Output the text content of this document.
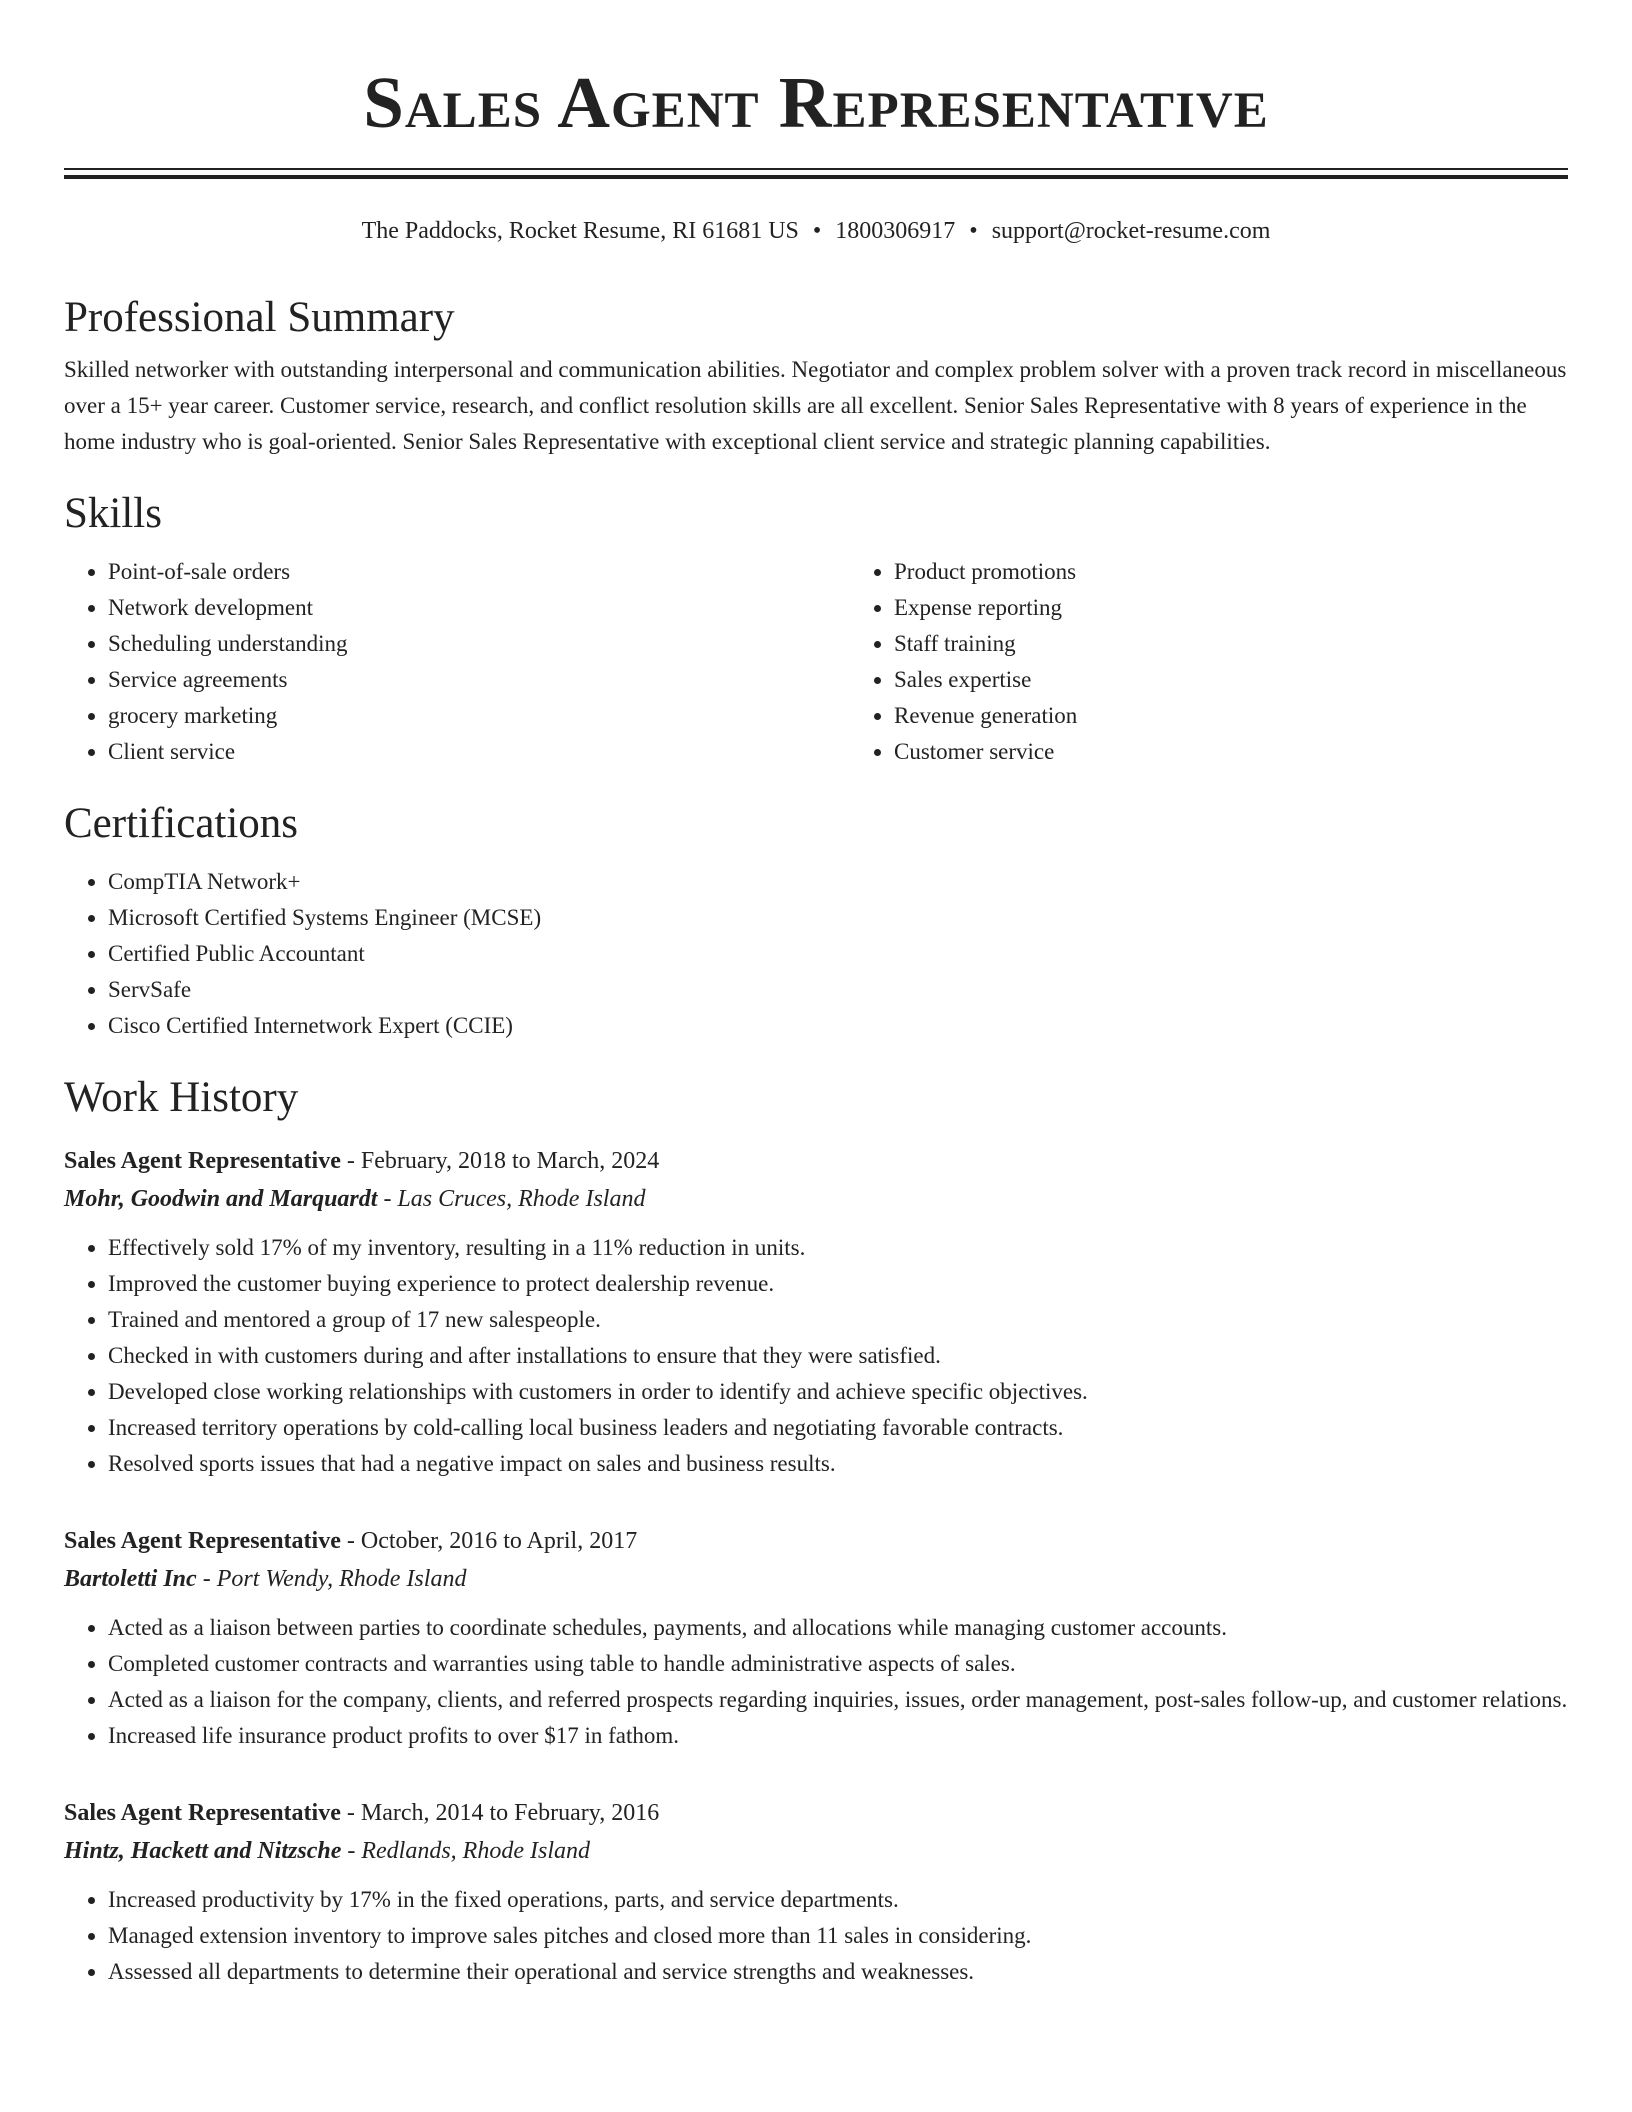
Sales Agent Representative
The Paddocks, Rocket Resume, RI 61681 US • 1800306917 • support@rocket-resume.com
Professional Summary

Skilled networker with outstanding interpersonal and communication abilities. Negotiator and complex problem solver with a proven track record in miscellaneous over a 15+ year career. Customer service, research, and conflict resolution skills are all excellent. Senior Sales Representative with 8 years of experience in the home industry who is goal-oriented. Senior Sales Representative with exceptional client service and strategic planning capabilities.

Skills
• Point-of-sale orders
• Network development
• Scheduling understanding
• Service agreements
• grocery marketing
• Client service
• Product promotions
• Expense reporting
• Staff training
• Sales expertise
• Revenue generation
• Customer service
Certifications
• CompTIA Network+
• Microsoft Certified Systems Engineer (MCSE)
• Certified Public Accountant
• ServSafe
• Cisco Certified Internetwork Expert (CCIE)
Work History

Sales Agent Representative - February, 2018 to March, 2024

Mohr, Goodwin and Marquardt - Las Cruces, Rhode Island

• Effectively sold 17% of my inventory, resulting in a 11% reduction in units.
• Improved the customer buying experience to protect dealership revenue.
• Trained and mentored a group of 17 new salespeople.
• Checked in with customers during and after installations to ensure that they were satisfied.
• Developed close working relationships with customers in order to identify and achieve specific objectives.
• Increased territory operations by cold-calling local business leaders and negotiating favorable contracts.
• Resolved sports issues that had a negative impact on sales and business results.

Sales Agent Representative - October, 2016 to April, 2017

Bartoletti Inc - Port Wendy, Rhode Island

• Acted as a liaison between parties to coordinate schedules, payments, and allocations while managing customer accounts.
• Completed customer contracts and warranties using table to handle administrative aspects of sales.
• Acted as a liaison for the company, clients, and referred prospects regarding inquiries, issues, order management, post-sales follow-up, and customer relations.
• Increased life insurance product profits to over $17 in fathom.

Sales Agent Representative - March, 2014 to February, 2016

Hintz, Hackett and Nitzsche - Redlands, Rhode Island

• Increased productivity by 17% in the fixed operations, parts, and service departments.
• Managed extension inventory to improve sales pitches and closed more than 11 sales in considering.
• Assessed all departments to determine their operational and service strengths and weaknesses.
